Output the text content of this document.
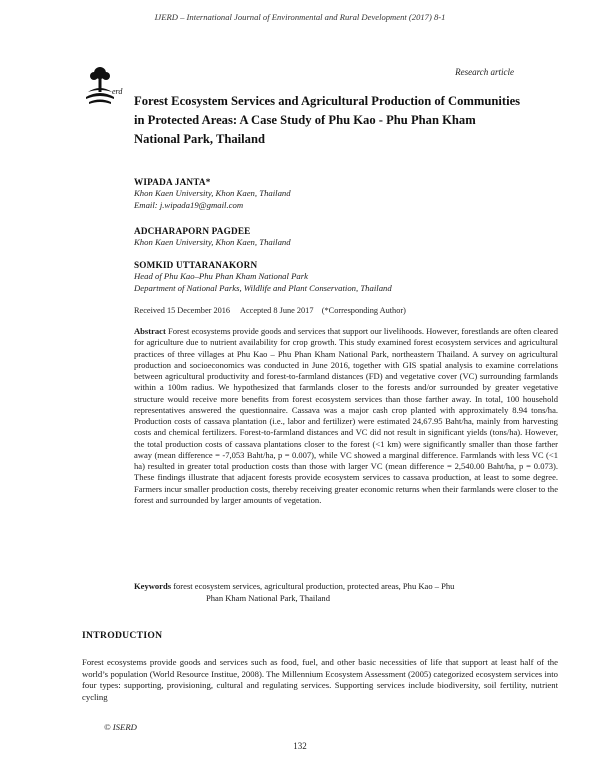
IJERD – International Journal of Environmental and Rural Development (2017) 8-1
Research article
erd
Forest Ecosystem Services and Agricultural Production of Communities in Protected Areas: A Case Study of Phu Kao - Phu Phan Kham National Park, Thailand
WIPADA JANTA*
Khon Kaen University, Khon Kaen, Thailand
Email: j.wipada19@gmail.com
ADCHARAPORN PAGDEE
Khon Kaen University, Khon Kaen, Thailand
SOMKID UTTARANAKORN
Head of Phu Kao–Phu Phan Kham National Park
Department of National Parks, Wildlife and Plant Conservation, Thailand
Received 15 December 2016     Accepted 8 June 2017    (*Corresponding Author)
Abstract Forest ecosystems provide goods and services that support our livelihoods. However, forestlands are often cleared for agriculture due to nutrient availability for crop growth. This study examined forest ecosystem services and agricultural practices of three villages at Phu Kao – Phu Phan Kham National Park, northeastern Thailand. A survey on agricultural production and socioeconomics was conducted in June 2016, together with GIS spatial analysis to examine correlations between agricultural productivity and forest-to-farmland distances (FD) and vegetative cover (VC) surrounding farmlands within a 100m radius. We hypothesized that farmlands closer to the forests and/or surrounded by greater vegetative structure would receive more benefits from forest ecosystem services than those farther away. In total, 100 household representatives answered the questionnaire. Cassava was a major cash crop planted with approximately 8.94 tons/ha. Production costs of cassava plantation (i.e., labor and fertilizer) were estimated 24,67.95 Baht/ha, mainly from harvesting costs and chemical fertilizers. Forest-to-farmland distances and VC did not result in significant yields (tons/ha). However, the total production costs of cassava plantations closer to the forest (<1 km) were significantly smaller than those farther away (mean difference = -7,053 Baht/ha, p = 0.007), while VC showed a marginal difference. Farmlands with less VC (<1 ha) resulted in greater total production costs than those with larger VC (mean difference = 2,540.00 Baht/ha, p = 0.073). These findings illustrate that adjacent forests provide ecosystem services to cassava production, at least to some degree. Farmers incur smaller production costs, thereby receiving greater economic returns when their farmlands were closer to the forest and surrounded by larger amounts of vegetation.
Keywords forest ecosystem services, agricultural production, protected areas, Phu Kao – Phu
Phan Kham National Park, Thailand
INTRODUCTION
Forest ecosystems provide goods and services such as food, fuel, and other basic necessities of life that support at least half of the world’s population (World Resource Institue, 2008). The Millennium Ecosystem Assessment (2005) categorized ecosystem services into four types: supporting, provisioning, cultural and regulating services. Supporting services include biodiversity, soil fertility, nutrient cycling
© ISERD
132
